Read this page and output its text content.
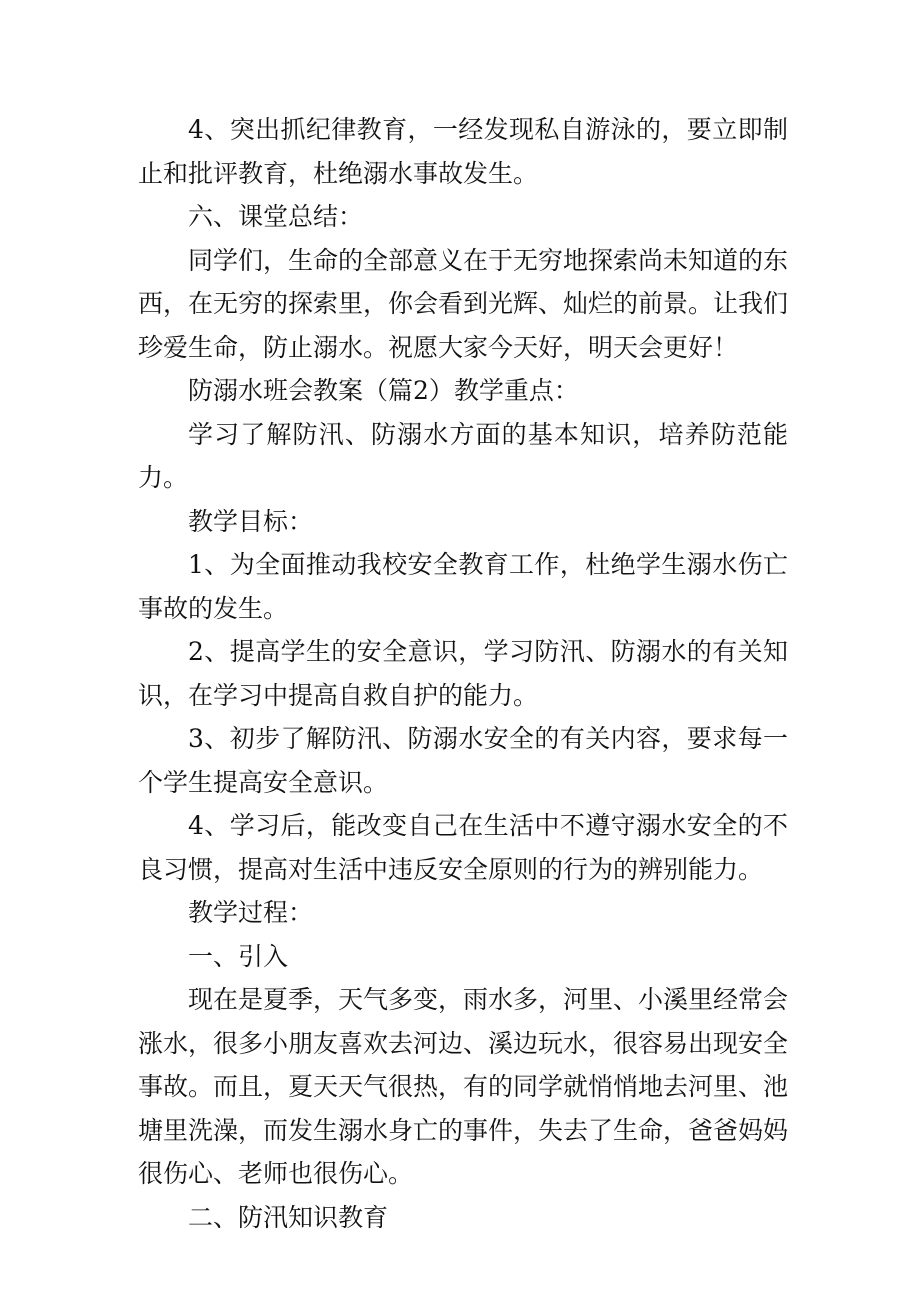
4、突出抓纪律教育，一经发现私自游泳的，要立即制止和批评教育，杜绝溺水事故发生。

六、课堂总结：

同学们，生命的全部意义在于无穷地探索尚未知道的东西，在无穷的探索里，你会看到光辉、灿烂的前景。让我们珍爱生命，防止溺水。祝愿大家今天好，明天会更好！

防溺水班会教案（篇2）教学重点：

学习了解防汛、防溺水方面的基本知识，培养防范能力。

教学目标：

1、为全面推动我校安全教育工作，杜绝学生溺水伤亡事故的发生。

2、提高学生的安全意识，学习防汛、防溺水的有关知识，在学习中提高自救自护的能力。

3、初步了解防汛、防溺水安全的有关内容，要求每一个学生提高安全意识。

4、学习后，能改变自己在生活中不遵守溺水安全的不良习惯，提高对生活中违反安全原则的行为的辨别能力。

教学过程：

一、引入

现在是夏季，天气多变，雨水多，河里、小溪里经常会涨水，很多小朋友喜欢去河边、溪边玩水，很容易出现安全事故。而且，夏天天气很热，有的同学就悄悄地去河里、池塘里洗澡，而发生溺水身亡的事件，失去了生命，爸爸妈妈很伤心、老师也很伤心。

二、防汛知识教育
